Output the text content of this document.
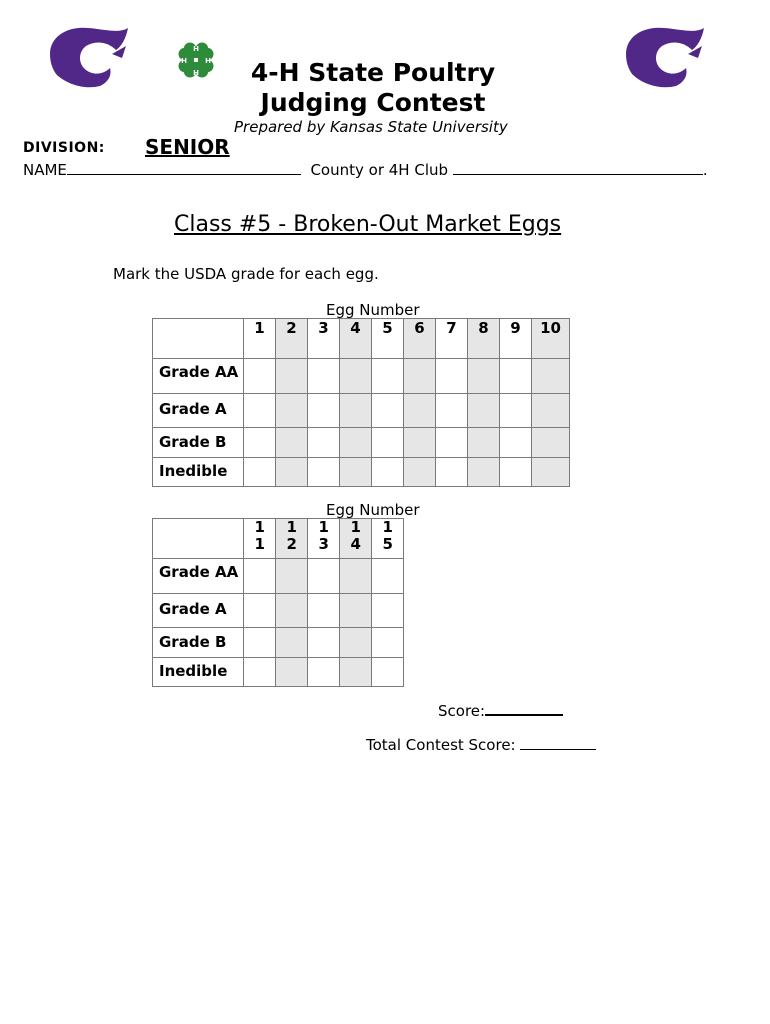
H
H
H	H	4-H State Poultry Judging Contest
Prepared by Kansas State University
DIVISION: SENIOR
NAME	County or 4H Club	.
Class #5 - Broken-Out Market Eggs
Mark the USDA grade for each egg.
Egg Number
	1	2	3	4	5	6	7	8	9	10

Grade AA										

Grade A										
Grade B										
Inedible										
Egg Number
	11	12	13	14	15

Grade AA					

Grade A					
Grade B					
Inedible					
Score:
Total Contest Score:
